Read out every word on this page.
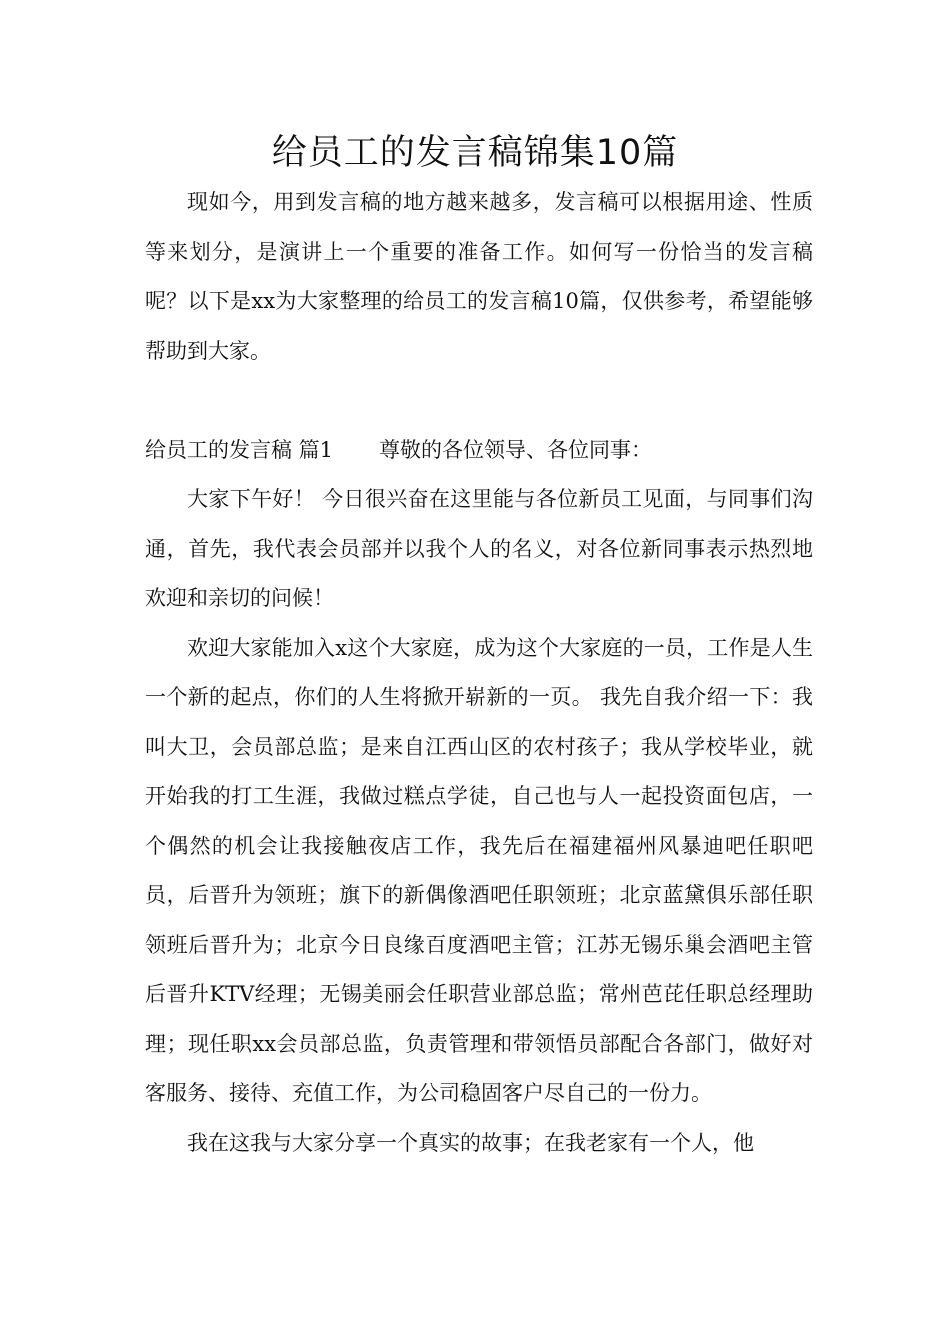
给员工的发言稿锦集10篇

现如今，用到发言稿的地方越来越多，发言稿可以根据用途、性质等来划分，是演讲上一个重要的准备工作。如何写一份恰当的发言稿呢？以下是xx为大家整理的给员工的发言稿10篇，仅供参考，希望能够帮助到大家。

给员工的发言稿 篇1 尊敬的各位领导、各位同事：

大家下午好！ 今日很兴奋在这里能与各位新员工见面，与同事们沟通，首先，我代表会员部并以我个人的名义，对各位新同事表示热烈地欢迎和亲切的问候！

欢迎大家能加入x这个大家庭，成为这个大家庭的一员，工作是人生一个新的起点，你们的人生将掀开崭新的一页。 我先自我介绍一下：我叫大卫，会员部总监；是来自江西山区的农村孩子；我从学校毕业，就开始我的打工生涯，我做过糕点学徒，自己也与人一起投资面包店，一个偶然的机会让我接触夜店工作，我先后在福建福州风暴迪吧任职吧员，后晋升为领班；旗下的新偶像酒吧任职领班；北京蓝黛俱乐部任职领班后晋升为；北京今日良缘百度酒吧主管；江苏无锡乐巢会酒吧主管后晋升KTV经理；无锡美丽会任职营业部总监；常州芭芘任职总经理助理；现任职xx会员部总监，负责管理和带领悟员部配合各部门，做好对客服务、接待、充值工作，为公司稳固客户尽自己的一份力。

我在这我与大家分享一个真实的故事；在我老家有一个人，他
